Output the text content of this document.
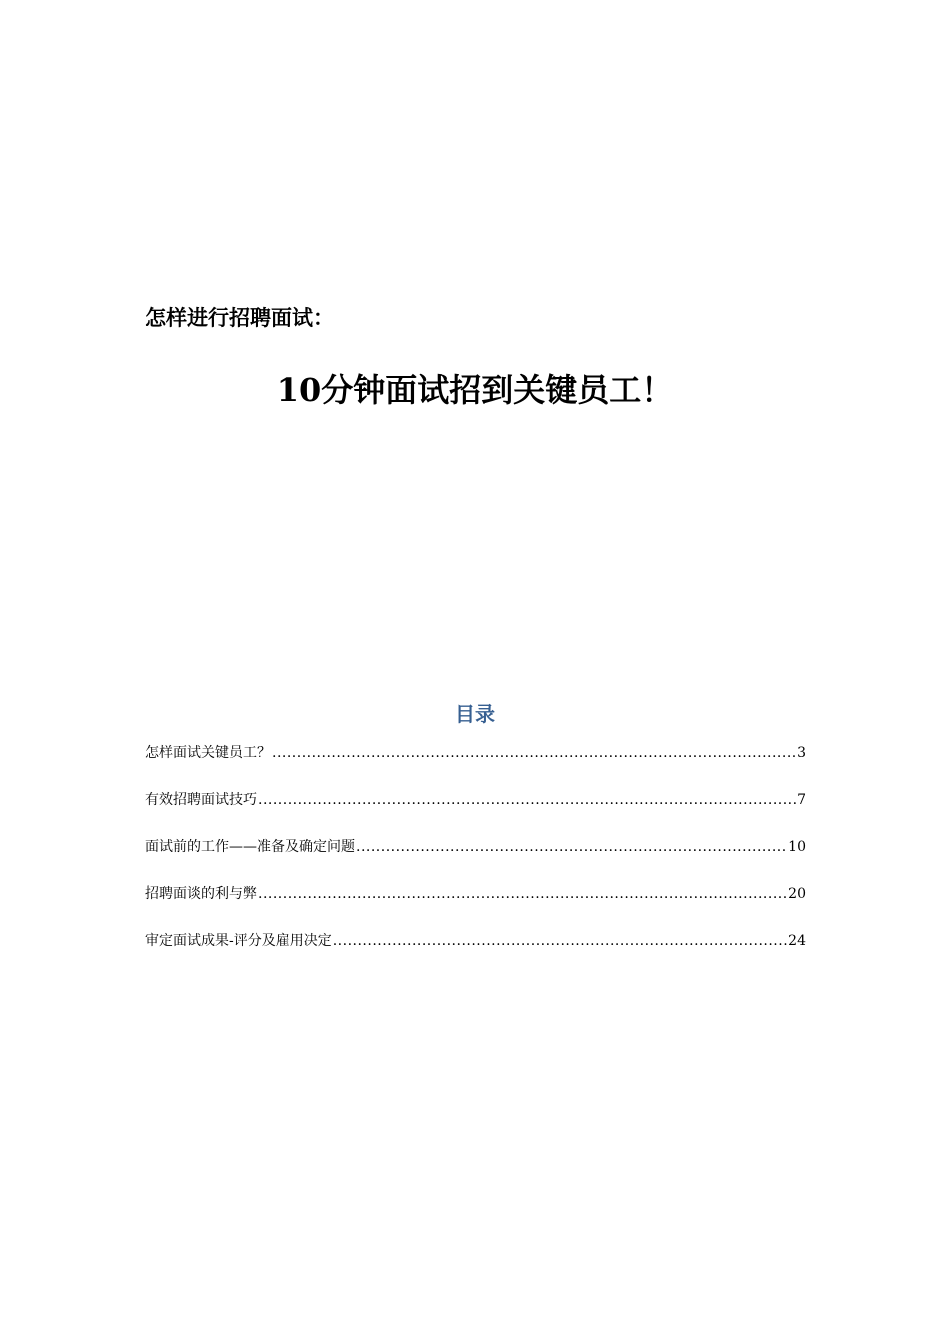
怎样进行招聘面试：
10分钟面试招到关键员工！
目录
怎样面试关键员工？ .....	3
有效招聘面试技巧 .....	7
面试前的工作——准备及确定问题 .....	10
招聘面谈的利与弊 .....	20
审定面试成果-评分及雇用决定 .....	24
